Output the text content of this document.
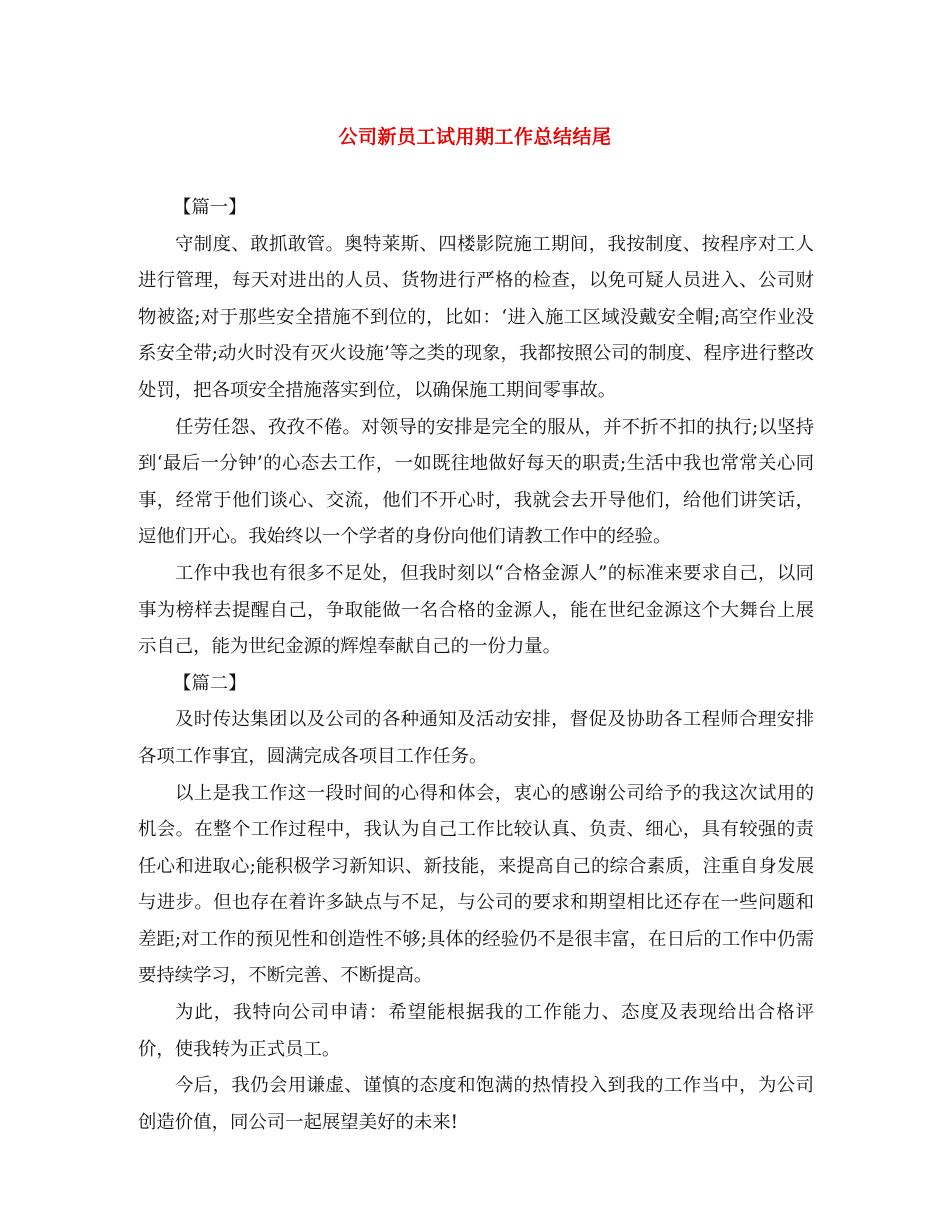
公司新员工试用期工作总结结尾

【篇一】

守制度、敢抓敢管。奥特莱斯、四楼影院施工期间，我按制度、按程序对工人进行管理，每天对进出的人员、货物进行严格的检查，以免可疑人员进入、公司财物被盗;对于那些安全措施不到位的，比如：‘进入施工区域没戴安全帽;高空作业没系安全带;动火时没有灭火设施’等之类的现象，我都按照公司的制度、程序进行整改处罚，把各项安全措施落实到位，以确保施工期间零事故。

任劳任怨、孜孜不倦。对领导的安排是完全的服从，并不折不扣的执行;以坚持到‘最后一分钟’的心态去工作，一如既往地做好每天的职责;生活中我也常常关心同事，经常于他们谈心、交流，他们不开心时，我就会去开导他们，给他们讲笑话，逗他们开心。我始终以一个学者的身份向他们请教工作中的经验。

工作中我也有很多不足处，但我时刻以“合格金源人”的标准来要求自己，以同事为榜样去提醒自己，争取能做一名合格的金源人，能在世纪金源这个大舞台上展示自己，能为世纪金源的辉煌奉献自己的一份力量。

【篇二】

及时传达集团以及公司的各种通知及活动安排，督促及协助各工程师合理安排各项工作事宜，圆满完成各项目工作任务。

以上是我工作这一段时间的心得和体会，衷心的感谢公司给予的我这次试用的机会。在整个工作过程中，我认为自己工作比较认真、负责、细心，具有较强的责任心和进取心;能积极学习新知识、新技能，来提高自己的综合素质，注重自身发展与进步。但也存在着许多缺点与不足，与公司的要求和期望相比还存在一些问题和差距;对工作的预见性和创造性不够;具体的经验仍不是很丰富，在日后的工作中仍需要持续学习，不断完善、不断提高。

为此，我特向公司申请：希望能根据我的工作能力、态度及表现给出合格评价，使我转为正式员工。

今后，我仍会用谦虚、谨慎的态度和饱满的热情投入到我的工作当中，为公司创造价值，同公司一起展望美好的未来!
